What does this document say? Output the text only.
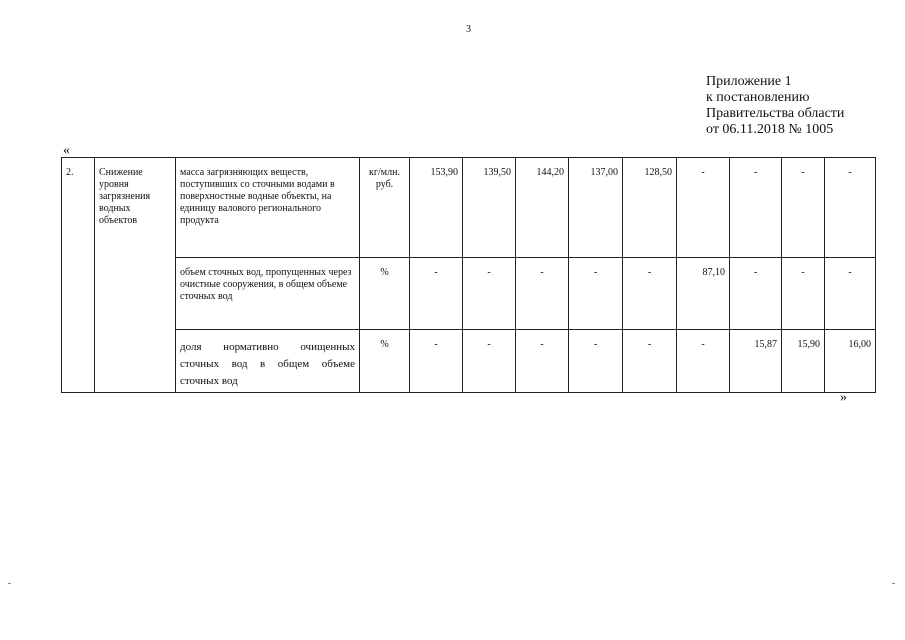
3
Приложение 1
к постановлению
Правительства области
от 06.11.2018 № 1005
«
2.	Снижение уровня загрязнения водных объектов	масса загрязняющих веществ, поступивших со сточными водами в поверхностные водные объекты, на единицу валового регионального продукта	кг/млн. руб.	153,90	139,50	144,20	137,00	128,50	-	-	-	-
		объем сточных вод, пропущенных через очистные сооружения, в общем объеме сточных вод	%	-	-	-	-	-	87,10	-	-	-
		доля нормативно очищенных сточных вод в общем объеме сточных вод	%	-	-	-	-	-	-	15,87	15,90	16,00
»
